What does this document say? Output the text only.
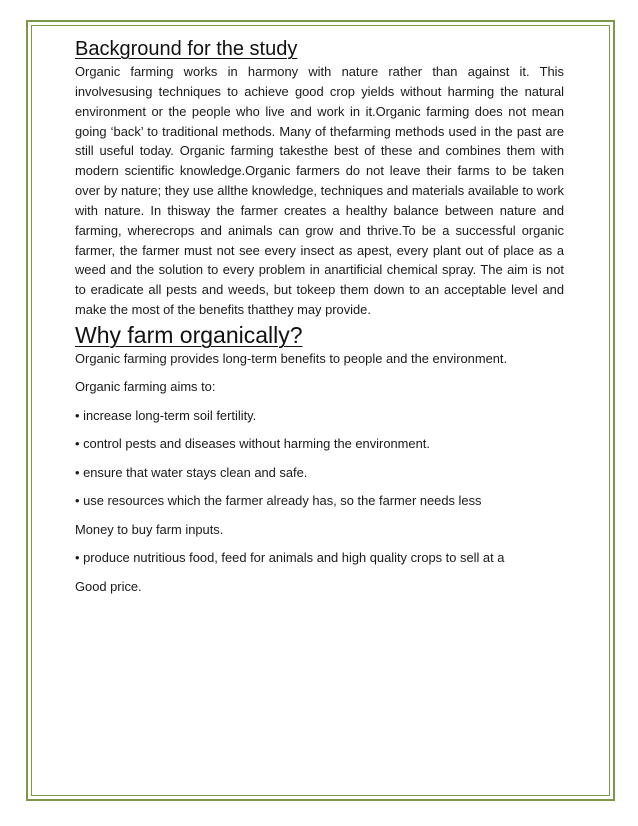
Background for the study

Organic farming works in harmony with nature rather than against it. This involvesusing techniques to achieve good crop yields without harming the natural environment or the people who live and work in it.Organic farming does not mean going ‘back’ to traditional methods. Many of thefarming methods used in the past are still useful today. Organic farming takesthe best of these and combines them with modern scientific knowledge.Organic farmers do not leave their farms to be taken over by nature; they use allthe knowledge, techniques and materials available to work with nature. In thisway the farmer creates a healthy balance between nature and farming, wherecrops and animals can grow and thrive.To be a successful organic farmer, the farmer must not see every insect as apest, every plant out of place as a weed and the solution to every problem in anartificial chemical spray. The aim is not to eradicate all pests and weeds, but tokeep them down to an acceptable level and make the most of the benefits thatthey may provide.

Why farm organically?

Organic farming provides long-term benefits to people and the environment.

Organic farming aims to:

• increase long-term soil fertility.

• control pests and diseases without harming the environment.

• ensure that water stays clean and safe.

• use resources which the farmer already has, so the farmer needs less

Money to buy farm inputs.

• produce nutritious food, feed for animals and high quality crops to sell at a

Good price.
